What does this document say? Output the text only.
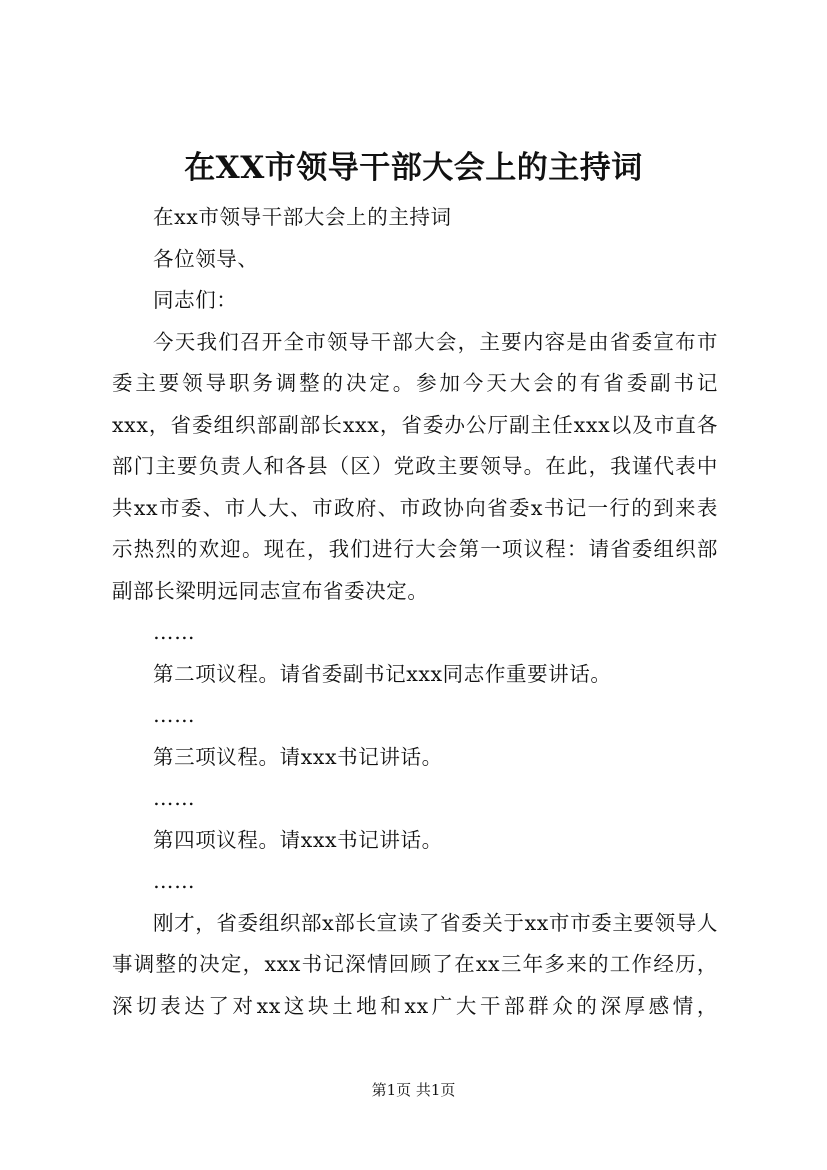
在XX市领导干部大会上的主持词

在xx市领导干部大会上的主持词

各位领导、

同志们：

今天我们召开全市领导干部大会，主要内容是由省委宣布市委主要领导职务调整的决定。参加今天大会的有省委副书记xxx，省委组织部副部长xxx，省委办公厅副主任xxx以及市直各部门主要负责人和各县（区）党政主要领导。在此，我谨代表中共xx市委、市人大、市政府、市政协向省委x书记一行的到来表示热烈的欢迎。现在，我们进行大会第一项议程：请省委组织部副部长梁明远同志宣布省委决定。

……

第二项议程。请省委副书记xxx同志作重要讲话。

……

第三项议程。请xxx书记讲话。

……

第四项议程。请xxx书记讲话。

……

刚才，省委组织部x部长宣读了省委关于xx市市委主要领导人事调整的决定，xxx书记深情回顾了在xx三年多来的工作经历，深切表达了对xx这块土地和xx广大干部群众的深厚感情，

第1页 共1页
